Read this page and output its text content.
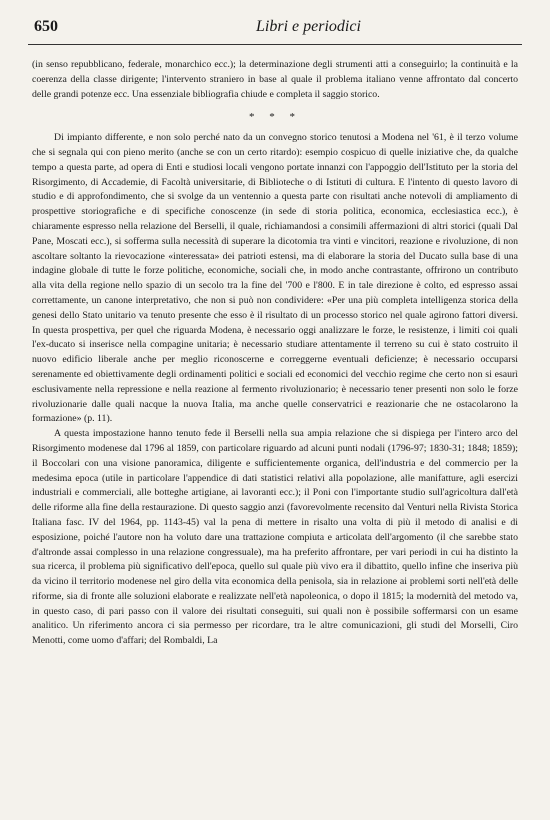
650	Libri e periodici

(in senso repubblicano, federale, monarchico ecc.); la determinazione degli strumenti atti a conseguirlo; la continuità e la coerenza della classe dirigente; l'intervento straniero in base al quale il problema italiano venne affrontato dal concerto delle grandi potenze ecc. Una essenziale bibliografia chiude e completa il saggio storico.

* * *

Di impianto differente, e non solo perché nato da un convegno storico tenutosi a Modena nel '61, è il terzo volume che si segnala qui con pieno merito (anche se con un certo ritardo): esempio cospicuo di quelle iniziative che, da qualche tempo a questa parte, ad opera di Enti e studiosi locali vengono portate innanzi con l'appoggio dell'Istituto per la storia del Risorgimento, di Accademie, di Facoltà universitarie, di Biblioteche o di Istituti di cultura. E l'intento di questo lavoro di studio e di approfondimento, che si svolge da un ventennio a questa parte con risultati anche notevoli di ampliamento di prospettive storiografiche e di specifiche conoscenze (in sede di storia politica, economica, ecclesiastica ecc.), è chiaramente espresso nella relazione del Berselli, il quale, richiamandosi a consimili affermazioni di altri storici (quali Dal Pane, Moscati ecc.), si sofferma sulla necessità di superare la dicotomia tra vinti e vincitori, reazione e rivoluzione, di non ascoltare soltanto la rievocazione «interessata» dei patrioti estensi, ma di elaborare la storia del Ducato sulla base di una indagine globale di tutte le forze politiche, economiche, sociali che, in modo anche contrastante, offrirono un contributo alla vita della regione nello spazio di un secolo tra la fine del '700 e l'800. E in tale direzione è colto, ed espresso assai correttamente, un canone interpretativo, che non si può non condividere: «Per una più completa intelligenza storica della genesi dello Stato unitario va tenuto presente che esso è il risultato di un processo storico nel quale agirono fattori diversi. In questa prospettiva, per quel che riguarda Modena, è necessario oggi analizzare le forze, le resistenze, i limiti coi quali l'ex-ducato si inserisce nella compagine unitaria; è necessario studiare attentamente il terreno su cui è stato costruito il nuovo edificio liberale anche per meglio riconoscerne e correggerne eventuali deficienze; è necessario occuparsi serenamente ed obiettivamente degli ordinamenti politici e sociali ed economici del vecchio regime che certo non si esaurì esclusivamente nella repressione e nella reazione al fermento rivoluzionario; è necessario tener presenti non solo le forze rivoluzionarie dalle quali nacque la nuova Italia, ma anche quelle conservatrici e reazionarie che ne ostacolarono la formazione» (p. 11).

A questa impostazione hanno tenuto fede il Berselli nella sua ampia relazione che si dispiega per l'intero arco del Risorgimento modenese dal 1796 al 1859, con particolare riguardo ad alcuni punti nodali (1796-97; 1830-31; 1848; 1859); il Boccolari con una visione panoramica, diligente e sufficientemente organica, dell'industria e del commercio per la medesima epoca (utile in particolare l'appendice di dati statistici relativi alla popolazione, alle manifatture, agli esercizi industriali e commerciali, alle botteghe artigiane, ai lavoranti ecc.); il Poni con l'importante studio sull'agricoltura dall'età delle riforme alla fine della restaurazione. Di questo saggio anzi (favorevolmente recensito dal Venturi nella Rivista Storica Italiana fasc. IV del 1964, pp. 1143-45) val la pena di mettere in risalto una volta di più il metodo di analisi e di esposizione, poiché l'autore non ha voluto dare una trattazione compiuta e articolata dell'argomento (il che sarebbe stato d'altronde assai complesso in una relazione congressuale), ma ha preferito affrontare, per vari periodi in cui ha distinto la sua ricerca, il problema più significativo dell'epoca, quello sul quale più vivo era il dibattito, quello infine che inseriva più da vicino il territorio modenese nel giro della vita economica della penisola, sia in relazione ai problemi sorti nell'età delle riforme, sia di fronte alle soluzioni elaborate e realizzate nell'età napoleonica, o dopo il 1815; la modernità del metodo va, in questo caso, di pari passo con il valore dei risultati conseguiti, sui quali non è possibile soffermarsi con un esame analitico. Un riferimento ancora ci sia permesso per ricordare, tra le altre comunicazioni, gli studi del Morselli, Ciro Menotti, come uomo d'affari; del Rombaldi, La
